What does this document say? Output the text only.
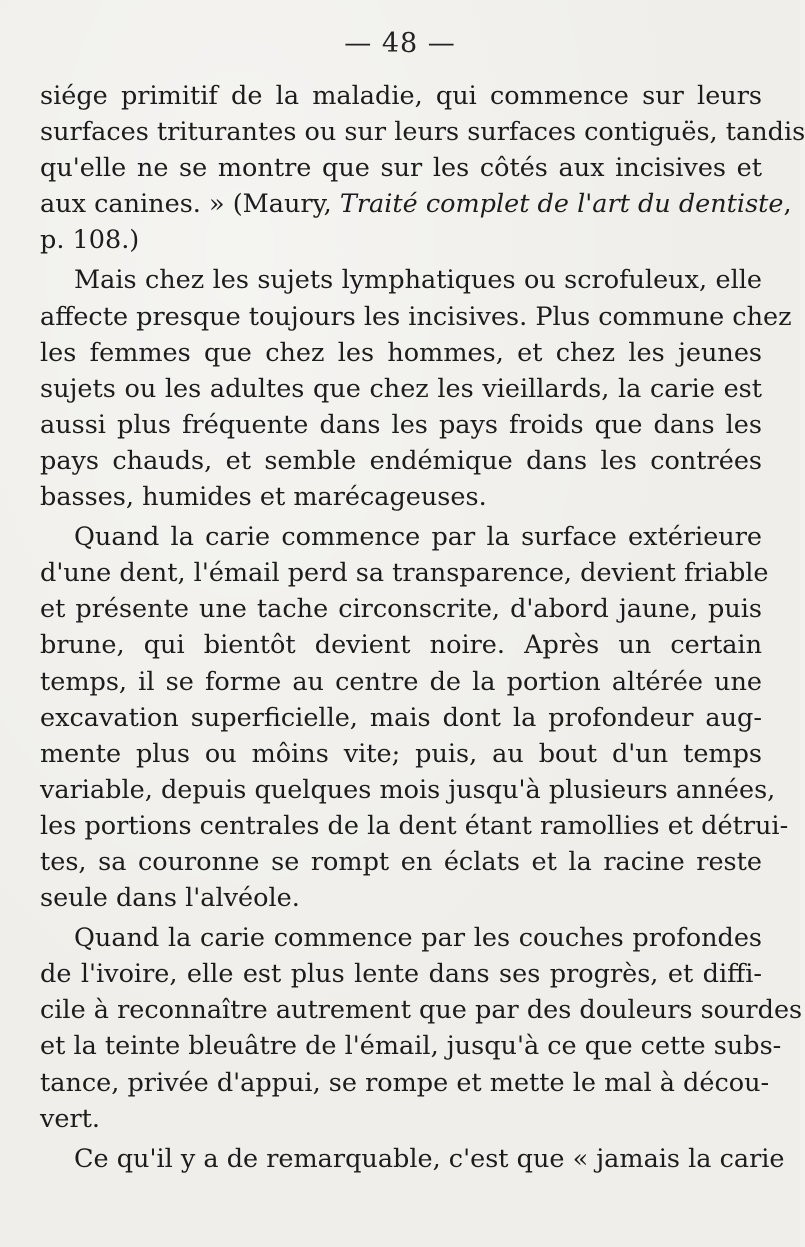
— 48 —
siége primitif de la maladie, qui commence sur leurs
surfaces triturantes ou sur leurs surfaces contiguës, tandis
qu'elle ne se montre que sur les côtés aux incisives et
aux canines. » (Maury, Traité complet de l'art du dentiste,
p. 108.)
Mais chez les sujets lymphatiques ou scrofuleux, elle
affecte presque toujours les incisives. Plus commune chez
les femmes que chez les hommes, et chez les jeunes
sujets ou les adultes que chez les vieillards, la carie est
aussi plus fréquente dans les pays froids que dans les
pays chauds, et semble endémique dans les contrées
basses, humides et marécageuses.
Quand la carie commence par la surface extérieure
d'une dent, l'émail perd sa transparence, devient friable
et présente une tache circonscrite, d'abord jaune, puis
brune, qui bientôt devient noire. Après un certain
temps, il se forme au centre de la portion altérée une
excavation superficielle, mais dont la profondeur aug-
mente plus ou môins vite; puis, au bout d'un temps
variable, depuis quelques mois jusqu'à plusieurs années,
les portions centrales de la dent étant ramollies et détrui-
tes, sa couronne se rompt en éclats et la racine reste
seule dans l'alvéole.
Quand la carie commence par les couches profondes
de l'ivoire, elle est plus lente dans ses progrès, et diffi-
cile à reconnaître autrement que par des douleurs sourdes
et la teinte bleuâtre de l'émail, jusqu'à ce que cette subs-
tance, privée d'appui, se rompe et mette le mal à décou-
vert.
Ce qu'il y a de remarquable, c'est que « jamais la carie
